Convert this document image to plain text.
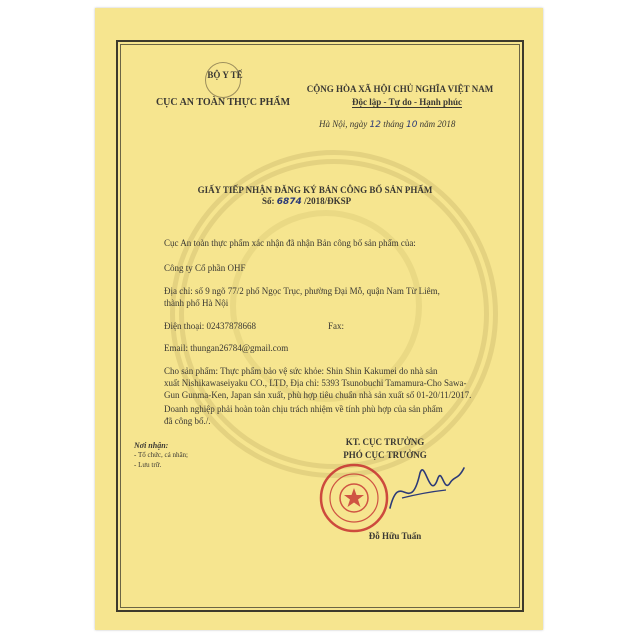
BỘ Y TẾ
CỤC AN TOÀN THỰC PHẨM
CỘNG HÒA XÃ HỘI CHỦ NGHĨA VIỆT NAM
Độc lập - Tự do - Hạnh phúc
Hà Nội, ngày 12 tháng 10 năm 2018
GIẤY TIẾP NHẬN ĐĂNG KÝ BẢN CÔNG BỐ SẢN PHẨM
Số: 6874 /2018/ĐKSP
Cục An toàn thực phẩm xác nhận đã nhận Bản công bố sản phẩm của:
Công ty Cổ phần OHF
Địa chỉ: số 9 ngõ 77/2 phố Ngọc Trục, phường Đại Mỗ, quận Nam Từ Liêm,
thành phố Hà Nội
Điện thoại: 02437878668	Fax:
Email: thungan26784@gmail.com
Cho sản phẩm: Thực phẩm bảo vệ sức khỏe: Shin Shin Kakumei do nhà sản
xuất Nishikawaseiyaku CO., LTD, Địa chỉ: 5393 Tsunobuchi Tamamura-Cho Sawa-
Gun Gunma-Ken, Japan sản xuất, phù hợp tiêu chuẩn nhà sản xuất số 01-20/11/2017.
Doanh nghiệp phải hoàn toàn chịu trách nhiệm về tính phù hợp của sản phẩm
đã công bố./.
Nơi nhận:
- Tổ chức, cá nhân;
- Lưu trữ.
KT. CỤC TRƯỞNG
PHÓ CỤC TRƯỞNG
Đỗ Hữu Tuấn
